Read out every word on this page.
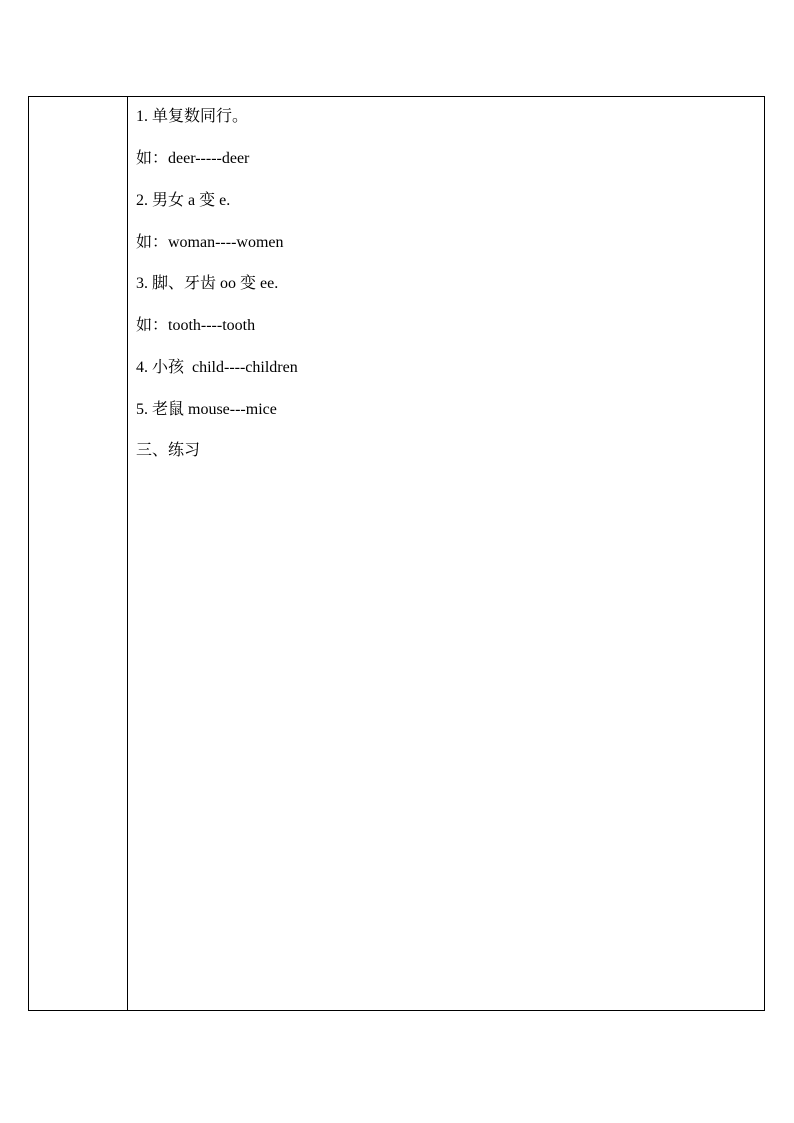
1. 单复数同行。
如：deer-----deer
2. 男女 a 变 e.
如：woman----women
3. 脚、牙齿 oo 变 ee.
如：tooth----tooth
4. 小孩  child----children
5. 老鼠 mouse---mice
三、练习
